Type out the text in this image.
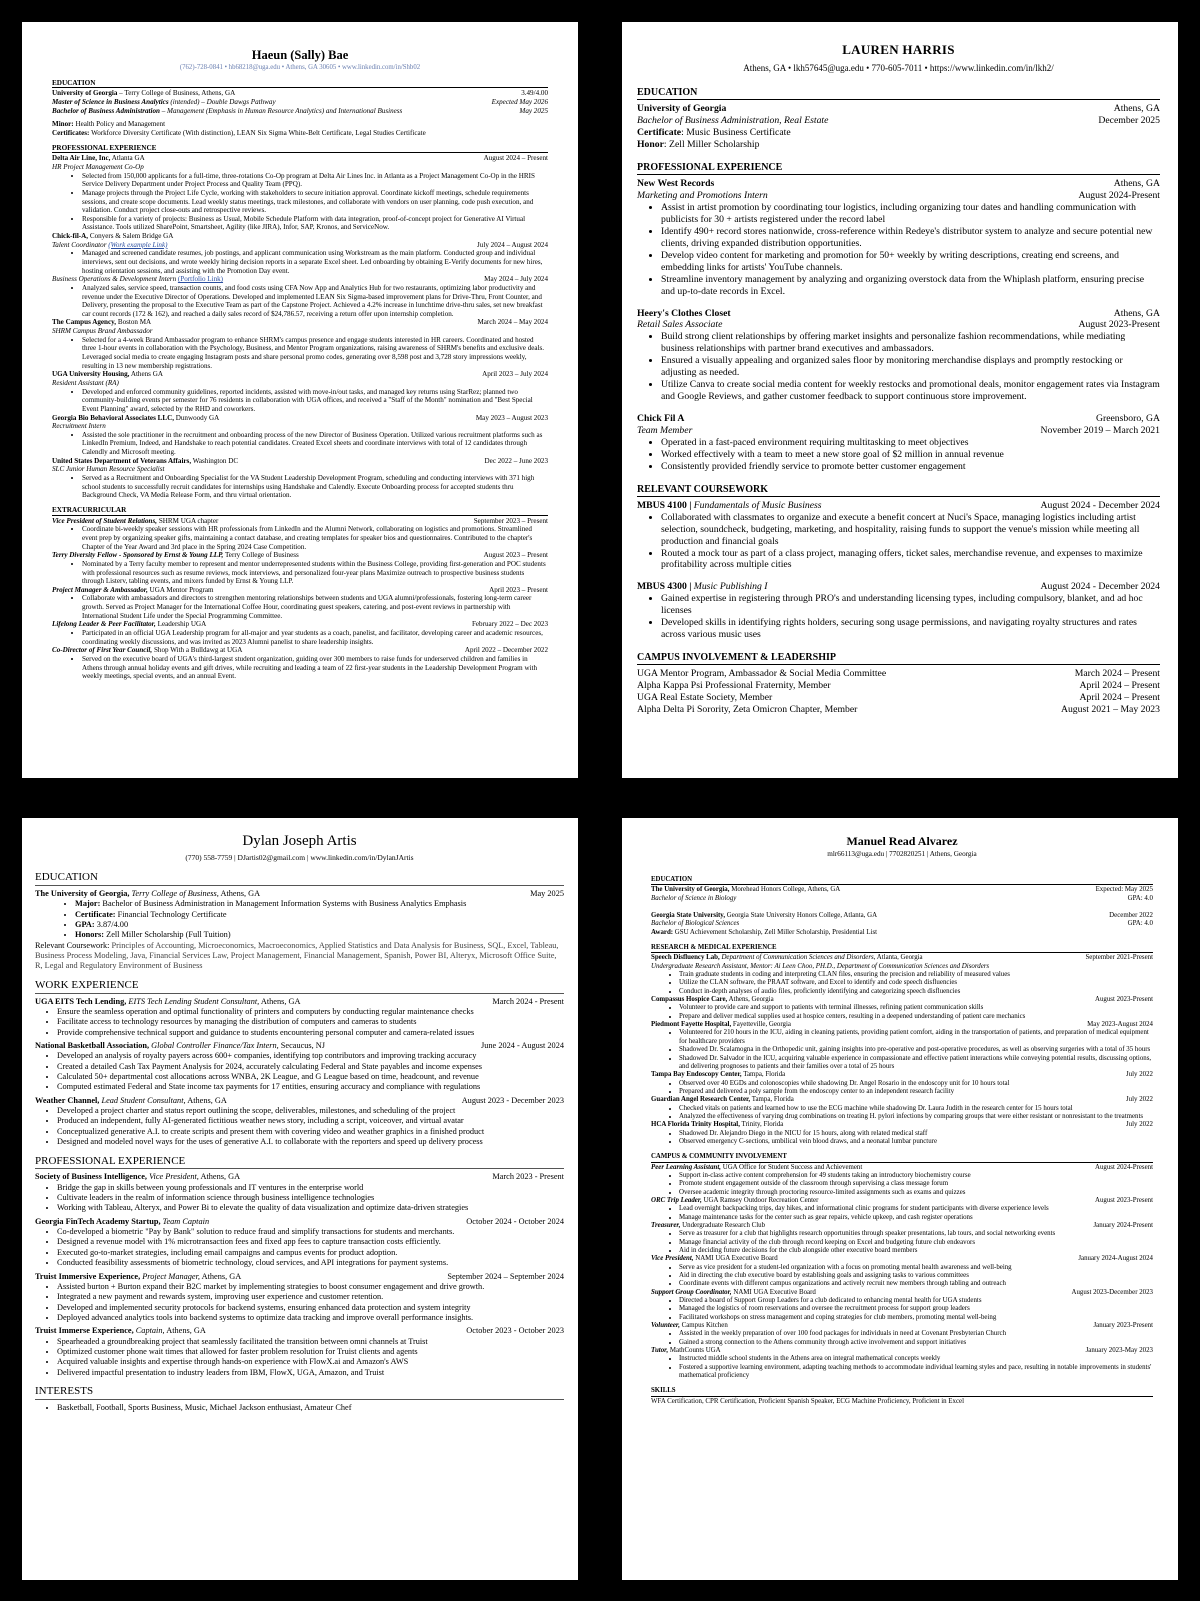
Haeun (Sally) Bae
(762)-728-0841 • hb68218@uga.edu • Athens, GA 30605 • www.linkedin.com/in/Shb02
EDUCATION
University of Georgia – Terry College of Business, Athens, GA	3.49/4.00
Master of Science in Business Analytics (intended) – Double Dawgs Pathway	Expected May 2026
Bachelor of Business Administration – Management (Emphasis in Human Resource Analytics) and International Business	May 2025
Minor: Health Policy and Management
Certificates: Workforce Diversity Certificate (With distinction), LEAN Six Sigma White-Belt Certificate, Legal Studies Certificate
PROFESSIONAL EXPERIENCE
Delta Air Line, Inc, Atlanta GA	August 2024 – Present
HR Project Management Co-Op
• Selected from 150,000 applicants for a full-time, three-rotations Co-Op program at Delta Air Lines Inc. in Atlanta as a Project Management Co-Op in the HRIS Service Delivery Department under Project Process and Quality Team (PPQ).
• Manage projects through the Project Life Cycle, working with stakeholders to secure initiation approval. Coordinate kickoff meetings, schedule requirements sessions, and create scope documents. Lead weekly status meetings, track milestones, and collaborate with vendors on user planning, code push execution, and validation. Conduct project close-outs and retrospective reviews.
• Responsible for a variety of projects: Business as Usual, Mobile Schedule Platform with data integration, proof-of-concept project for Generative AI Virtual Assistance. Tools utilized SharePoint, Smartsheet, Agility (like JIRA), Infor, SAP, Kronos, and ServiceNow.
Chick-fil-A, Conyers & Salem Bridge GA
Talent Coordinator (Work example Link)	July 2024 – August 2024
• Managed and screened candidate resumes, job postings, and applicant communication using Workstream as the main platform. Conducted group and individual interviews, sent out decisions, and wrote weekly hiring decision reports in a separate Excel sheet. Led onboarding by obtaining E-Verify documents for new hires, hosting orientation sessions, and assisting with the Promotion Day event.
Business Operations & Development Intern (Portfolio Link)	May 2024 – July 2024
• Analyzed sales, service speed, transaction counts, and food costs using CFA Now App and Analytics Hub for two restaurants, optimizing labor productivity and revenue under the Executive Director of Operations. Developed and implemented LEAN Six Sigma-based improvement plans for Drive-Thru, Front Counter, and Delivery, presenting the proposal to the Executive Team as part of the Capstone Project. Achieved a 4.2% increase in lunchtime drive-thru sales, set new breakfast car count records (172 & 162), and reached a daily sales record of $24,786.57, receiving a return offer upon internship completion.
The Campus Agency, Boston MA	March 2024 – May 2024
SHRM Campus Brand Ambassador
• Selected for a 4-week Brand Ambassador program to enhance SHRM's campus presence and engage students interested in HR careers. Coordinated and hosted three 1-hour events in collaboration with the Psychology, Business, and Mentor Program organizations, raising awareness of SHRM's benefits and exclusive deals. Leveraged social media to create engaging Instagram posts and share personal promo codes, generating over 8,598 post and 3,728 story impressions weekly, resulting in 13 new membership registrations.
UGA University Housing, Athens GA	April 2023 – July 2024
Resident Assistant (RA)
• Developed and enforced community guidelines, reported incidents, assisted with move-in/out tasks, and managed key returns using StarRez; planned two community-building events per semester for 76 residents in collaboration with UGA offices, and received a "Staff of the Month" nomination and "Best Special Event Planning" award, selected by the RHD and coworkers.
Georgia Bio Behavioral Associates LLC, Dunwoody GA	May 2023 – August 2023
Recruitment Intern
• Assisted the sole practitioner in the recruitment and onboarding process of the new Director of Business Operation. Utilized various recruitment platforms such as LinkedIn Premium, Indeed, and Handshake to reach potential candidates. Created Excel sheets and coordinate interviews with total of 12 candidates through Calendly and Microsoft meeting.
United States Department of Veterans Affairs, Washington DC	Dec 2022 – June 2023
SLC Junior Human Resource Specialist
• Served as a Recruitment and Onboarding Specialist for the VA Student Leadership Development Program, scheduling and conducting interviews with 371 high school students to successfully recruit candidates for internships using Handshake and Calendly. Execute Onboarding process for accepted students thru Background Check, VA Media Release Form, and thru virtual orientation.
EXTRACURRICULAR
Vice President of Student Relations, SHRM UGA chapter	September 2023 – Present
• Coordinate bi-weekly speaker sessions with HR professionals from LinkedIn and the Alumni Network, collaborating on logistics and promotions. Streamlined event prep by organizing speaker gifts, maintaining a contact database, and creating templates for speaker bios and questionnaires. Contributed to the chapter's Chapter of the Year Award and 3rd place in the Spring 2024 Case Competition.
Terry Diversity Fellow - Sponsored by Ernst & Young LLP, Terry College of Business	August 2023 – Present
• Nominated by a Terry faculty member to represent and mentor underrepresented students within the Business College, providing first-generation and POC students with professional resources such as resume reviews, mock interviews, and personalized four-year plans Maximize outreach to prospective business students through Listerv, tabling events, and mixers funded by Ernst & Young LLP.
Project Manager & Ambassador, UGA Mentor Program	April 2023 – Present
• Collaborate with ambassadors and directors to strengthen mentoring relationships between students and UGA alumni/professionals, fostering long-term career growth. Served as Project Manager for the International Coffee Hour, coordinating guest speakers, catering, and post-event reviews in partnership with International Student Life under the Special Programming Committee.
Lifelong Leader & Peer Facilitator, Leadership UGA	February 2022 – Dec 2023
• Participated in an official UGA Leadership program for all-major and year students as a coach, panelist, and facilitator, developing career and academic resources, coordinating weekly discussions, and was invited as 2023 Alumni panelist to share leadership insights.
Co-Director of First Year Council, Shop With a Bulldawg at UGA	April 2022 – December 2022
• Served on the executive board of UGA's third-largest student organization, guiding over 300 members to raise funds for underserved children and families in Athens through annual holiday events and gift drives, while recruiting and leading a team of 22 first-year students in the Leadership Development Program with weekly meetings, special events, and an annual Event.
LAUREN HARRIS
Athens, GA • lkh57645@uga.edu • 770-605-7011 • https://www.linkedin.com/in/lkh2/
EDUCATION
University of Georgia	Athens, GA
Bachelor of Business Administration, Real Estate	December 2025
Certificate: Music Business Certificate
Honor: Zell Miller Scholarship
PROFESSIONAL EXPERIENCE
New West Records	Athens, GA
Marketing and Promotions Intern	August 2024-Present
• Assist in artist promotion by coordinating tour logistics, including organizing tour dates and handling communication with publicists for 30 + artists registered under the record label
• Identify 490+ record stores nationwide, cross-reference within Redeye's distributor system to analyze and secure potential new clients, driving expanded distribution opportunities.
• Develop video content for marketing and promotion for 50+ weekly by writing descriptions, creating end screens, and embedding links for artists' YouTube channels.
• Streamline inventory management by analyzing and organizing overstock data from the Whiplash platform, ensuring precise and up-to-date records in Excel.
Heery's Clothes Closet	Athens, GA
Retail Sales Associate	August 2023-Present
• Build strong client relationships by offering market insights and personalize fashion recommendations, while mediating business relationships with partner brand executives and ambassadors.
• Ensured a visually appealing and organized sales floor by monitoring merchandise displays and promptly restocking or adjusting as needed.
• Utilize Canva to create social media content for weekly restocks and promotional deals, monitor engagement rates via Instagram and Google Reviews, and gather customer feedback to support continuous store improvement.
Chick Fil A	Greensboro, GA
Team Member	November 2019 – March 2021
• Operated in a fast-paced environment requiring multitasking to meet objectives
• Worked effectively with a team to meet a new store goal of $2 million in annual revenue
• Consistently provided friendly service to promote better customer engagement
RELEVANT COURSEWORK
MBUS 4100 | Fundamentals of Music Business	August 2024 - December 2024
• Collaborated with classmates to organize and execute a benefit concert at Nuci's Space, managing logistics including artist selection, soundcheck, budgeting, marketing, and hospitality, raising funds to support the venue's mission while meeting all production and financial goals
• Routed a mock tour as part of a class project, managing offers, ticket sales, merchandise revenue, and expenses to maximize profitability across multiple cities
MBUS 4300 | Music Publishing I	August 2024 - December 2024
• Gained expertise in registering through PRO's and understanding licensing types, including compulsory, blanket, and ad hoc licenses
• Developed skills in identifying rights holders, securing song usage permissions, and navigating royalty structures and rates across various music uses
CAMPUS INVOLVEMENT & LEADERSHIP
UGA Mentor Program, Ambassador & Social Media Committee	March 2024 – Present
Alpha Kappa Psi Professional Fraternity, Member	April 2024 – Present
UGA Real Estate Society, Member	April 2024 – Present
Alpha Delta Pi Sorority, Zeta Omicron Chapter, Member	August 2021 – May 2023
Dylan Joseph Artis
(770) 558-7759 | DJartis02@gmail.com | www.linkedin.com/in/DylanJArtis
EDUCATION
The University of Georgia, Terry College of Business, Athens, GA	May 2025
• Major: Bachelor of Business Administration in Management Information Systems with Business Analytics Emphasis
• Certificate: Financial Technology Certificate
• GPA: 3.87/4.00
• Honors: Zell Miller Scholarship (Full Tuition)
Relevant Coursework: Principles of Accounting, Microeconomics, Macroeconomics, Applied Statistics and Data Analysis for Business, SQL, Excel, Tableau, Business Process Modeling, Java, Financial Services Law, Project Management, Financial Management, Spanish, Power BI, Alteryx, Microsoft Office Suite, R, Legal and Regulatory Environment of Business
WORK EXPERIENCE
UGA EITS Tech Lending, EITS Tech Lending Student Consultant, Athens, GA	March 2024 - Present
• Ensure the seamless operation and optimal functionality of printers and computers by conducting regular maintenance checks
• Facilitate access to technology resources by managing the distribution of computers and cameras to students
• Provide comprehensive technical support and guidance to students encountering personal computer and camera-related issues
National Basketball Association, Global Controller Finance/Tax Intern, Secaucus, NJ	June 2024 - August 2024
• Developed an analysis of royalty payers across 600+ companies, identifying top contributors and improving tracking accuracy
• Created a detailed Cash Tax Payment Analysis for 2024, accurately calculating Federal and State payables and income expenses
• Calculated 50+ departmental cost allocations across WNBA, 2K League, and G League based on time, headcount, and revenue
• Computed estimated Federal and State income tax payments for 17 entities, ensuring accuracy and compliance with regulations
Weather Channel, Lead Student Consultant, Athens, GA	August 2023 - December 2023
• Developed a project charter and status report outlining the scope, deliverables, milestones, and scheduling of the project
• Produced an independent, fully AI-generated fictitious weather news story, including a script, voiceover, and virtual avatar
• Conceptualized generative A.I. to create scripts and present them with covering video and weather graphics in a finished product
• Designed and modeled novel ways for the uses of generative A.I. to collaborate with the reporters and speed up delivery process
PROFESSIONAL EXPERIENCE
Society of Business Intelligence, Vice President, Athens, GA	March 2023 - Present
• Bridge the gap in skills between young professionals and IT ventures in the enterprise world
• Cultivate leaders in the realm of information science through business intelligence technologies
• Working with Tableau, Alteryx, and Power Bi to elevate the quality of data visualization and optimize data-driven strategies
Georgia FinTech Academy Startup, Team Captain	October 2024 - October 2024
• Co-developed a biometric "Pay by Bank" solution to reduce fraud and simplify transactions for students and merchants.
• Designed a revenue model with 1% microtransaction fees and fixed app fees to capture transaction costs efficiently.
• Executed go-to-market strategies, including email campaigns and campus events for product adoption.
• Conducted feasibility assessments of biometric technology, cloud services, and API integrations for payment systems.
Truist Immersive Experience, Project Manager, Athens, GA	September 2024 – September 2024
• Assisted burton + Burton expand their B2C market by implementing strategies to boost consumer engagement and drive growth.
• Integrated a new payment and rewards system, improving user experience and customer retention.
• Developed and implemented security protocols for backend systems, ensuring enhanced data protection and system integrity
• Deployed advanced analytics tools into backend systems to optimize data tracking and improve overall performance insights.
Truist Immerse Experience, Captain, Athens, GA	October 2023 - October 2023
• Spearheaded a groundbreaking project that seamlessly facilitated the transition between omni channels at Truist
• Optimized customer phone wait times that allowed for faster problem resolution for Truist clients and agents
• Acquired valuable insights and expertise through hands-on experience with FlowX.ai and Amazon's AWS
• Delivered impactful presentation to industry leaders from IBM, FlowX, UGA, Amazon, and Truist
INTERESTS
• Basketball, Football, Sports Business, Music, Michael Jackson enthusiast, Amateur Chef
Manuel Read Alvarez
mlr66113@uga.edu | 7702820251 | Athens, Georgia
EDUCATION
The University of Georgia, Morehead Honors College, Athens, GA	Expected: May 2025
Bachelor of Science in Biology	GPA: 4.0
Georgia State University, Georgia State University Honors College, Atlanta, GA	December 2022
Bachelor of Biological Sciences	GPA: 4.0
Award: GSU Achievement Scholarship, Zell Miller Scholarship, Presidential List
RESEARCH & MEDICAL EXPERIENCE
Speech Disfluency Lab, Department of Communication Sciences and Disorders, Atlanta, Georgia	September 2021-Present
Undergraduate Research Assistant, Mentor: Ai Leen Choo, PH.D., Department of Communication Sciences and Disorders
• Train graduate students in coding and interpreting CLAN files, ensuring the precision and reliability of measured values
• Utilize the CLAN software, the PRAAT software, and Excel to identify and code speech disfluencies
• Conduct in-depth analyses of audio files, proficiently identifying and categorizing speech disfluencies
Compassus Hospice Care, Athens, Georgia	August 2023-Present
• Volunteer to provide care and support to patients with terminal illnesses, refining patient communication skills
• Prepare and deliver medical supplies used at hospice centers, resulting in a deepened understanding of patient care mechanics
Piedmont Fayette Hospital, Fayetteville, Georgia	May 2023-August 2024
• Volunteered for 210 hours in the ICU, aiding in cleaning patients, providing patient comfort, aiding in the transportation of patients, and preparation of medical equipment for healthcare providers
• Shadowed Dr. Scalamogna in the Orthopedic unit, gaining insights into pre-operative and post-operative procedures, as well as observing surgeries with a total of 35 hours
• Shadowed Dr. Salvador in the ICU, acquiring valuable experience in compassionate and effective patient interactions while conveying potential results, discussing options, and delivering prognoses to patients and their families over a total of 25 hours
Tampa Bay Endoscopy Center, Tampa, Florida	July 2022
• Observed over 40 EGDs and colonoscopies while shadowing Dr. Angel Rosario in the endoscopy unit for 10 hours total
• Prepared and delivered a poly sample from the endoscopy center to an independent research facility
Guardian Angel Research Center, Tampa, Florida	July 2022
• Checked vitals on patients and learned how to use the ECG machine while shadowing Dr. Laura Judith in the research center for 15 hours total
• Analyzed the effectiveness of varying drug combinations on treating H. pylori infections by comparing groups that were either resistant or nonresistant to the treatments
HCA Florida Trinity Hospital, Trinity, Florida	July 2022
• Shadowed Dr. Alejandro Diego in the NICU for 15 hours, along with related medical staff
• Observed emergency C-sections, umbilical vein blood draws, and a neonatal lumbar puncture
CAMPUS & COMMUNITY INVOLVEMENT
Peer Learning Assistant, UGA Office for Student Success and Achievement	August 2024-Present
• Support in-class active content comprehension for 49 students taking an introductory biochemistry course
• Promote student engagement outside of the classroom through supervising a class message forum
• Oversee academic integrity through proctoring resource-limited assignments such as exams and quizzes
ORC Trip Leader, UGA Ramsey Outdoor Recreation Center	August 2023-Present
• Lead overnight backpacking trips, day hikes, and informational clinic programs for student participants with diverse experience levels
• Manage maintenance tasks for the center such as gear repairs, vehicle upkeep, and cash register operations
Treasurer, Undergraduate Research Club	January 2024-Present
• Serve as treasurer for a club that highlights research opportunities through speaker presentations, lab tours, and social networking events
• Manage financial activity of the club through record keeping on Excel and budgeting future club endeavors
• Aid in deciding future decisions for the club alongside other executive board members
Vice President, NAMI UGA Executive Board	January 2024-August 2024
• Serve as vice president for a student-led organization with a focus on promoting mental health awareness and well-being
• Aid in directing the club executive board by establishing goals and assigning tasks to various committees
• Coordinate events with different campus organizations and actively recruit new members through tabling and outreach
Support Group Coordinator, NAMI UGA Executive Board	August 2023-December 2023
• Directed a board of Support Group Leaders for a club dedicated to enhancing mental health for UGA students
• Managed the logistics of room reservations and oversee the recruitment process for support group leaders
• Facilitated workshops on stress management and coping strategies for club members, promoting mental well-being
Volunteer, Campus Kitchen	January 2023-Present
• Assisted in the weekly preparation of over 100 food packages for individuals in need at Covenant Presbyterian Church
• Gained a strong connection to the Athens community through active involvement and support initiatives
Tutor, MathCounts UGA	January 2023-May 2023
• Instructed middle school students in the Athens area on integral mathematical concepts weekly
• Fostered a supportive learning environment, adapting teaching methods to accommodate individual learning styles and pace, resulting in notable improvements in students' mathematical proficiency
SKILLS
WFA Certification, CPR Certification, Proficient Spanish Speaker, ECG Machine Proficiency, Proficient in Excel
